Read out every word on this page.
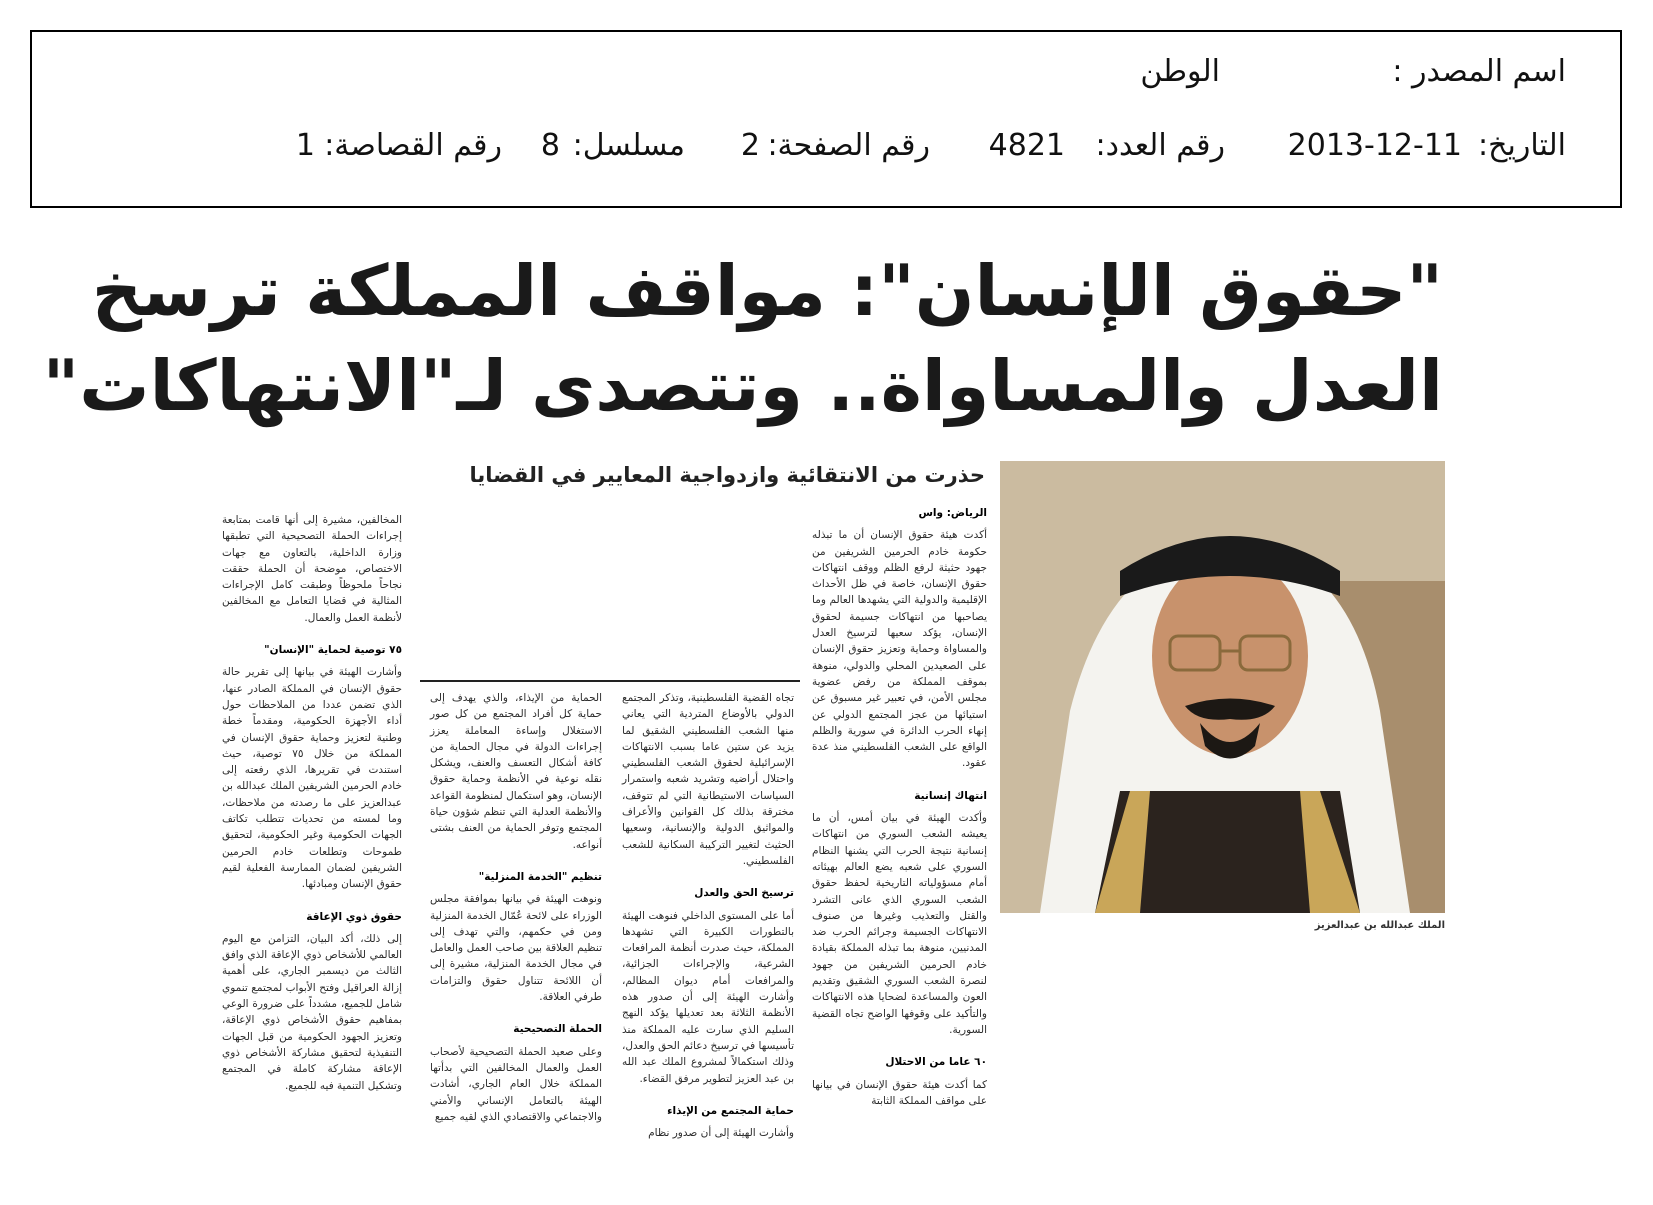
اسم المصدر :
الوطن
التاريخ:
2013-12-11
رقم العدد:
4821
رقم الصفحة:
2
مسلسل:
8
رقم القصاصة:
1
"حقوق الإنسان": مواقف المملكة ترسخ
العدل والمساواة.. وتتصدى لـ"الانتهاكات"
حذرت من الانتقائية وازدواجية المعايير في القضايا
الملك عبدالله بن عبدالعزيز

الرياض: واس

أكدت هيئة حقوق الإنسان أن ما تبذله حكومة خادم الحرمين الشريفين من جهود حثيثة لرفع الظلم ووقف انتهاكات حقوق الإنسان، خاصة في ظل الأحداث الإقليمية والدولية التي يشهدها العالم وما يصاحبها من انتهاكات جسيمة لحقوق الإنسان، يؤكد سعيها لترسيخ العدل والمساواة وحماية وتعزيز حقوق الإنسان على الصعيدين المحلي والدولي، منوهة بموقف المملكة من رفض عضوية مجلس الأمن، في تعبير غير مسبوق عن استيائها من عجز المجتمع الدولي عن إنهاء الحرب الدائرة في سورية والظلم الواقع على الشعب الفلسطيني منذ عدة عقود.

انتهاك إنسانية

وأكدت الهيئة في بيان أمس، أن ما يعيشه الشعب السوري من انتهاكات إنسانية نتيجة الحرب التي يشنها النظام السوري على شعبه يضع العالم بهيئاته أمام مسؤولياته التاريخية لحفظ حقوق الشعب السوري الذي عانى التشرد والقتل والتعذيب وغيرها من صنوف الانتهاكات الجسيمة وجرائم الحرب ضد المدنيين، منوهة بما تبذله المملكة بقيادة خادم الحرمين الشريفين من جهود لنصرة الشعب السوري الشقيق وتقديم العون والمساعدة لضحايا هذه الانتهاكات والتأكيد على وقوفها الواضح تجاه القضية السورية.

٦٠ عاما من الاحتلال

كما أكدت هيئة حقوق الإنسان في بيانها على مواقف المملكة الثابتة

تجاه القضية الفلسطينية، وتذكر المجتمع الدولي بالأوضاع المتردية التي يعاني منها الشعب الفلسطيني الشقيق لما يزيد عن ستين عاما بسبب الانتهاكات الإسرائيلية لحقوق الشعب الفلسطيني واحتلال أراضيه وتشريد شعبه واستمرار السياسات الاستيطانية التي لم تتوقف، مخترقة بذلك كل القوانين والأعراف والمواثيق الدولية والإنسانية، وسعيها الحثيث لتغيير التركيبة السكانية للشعب الفلسطيني.

ترسيخ الحق والعدل

أما على المستوى الداخلي فنوهت الهيئة بالتطورات الكبيرة التي تشهدها المملكة، حيث صدرت أنظمة المرافعات الشرعية، والإجراءات الجزائية، والمرافعات أمام ديوان المظالم، وأشارت الهيئة إلى أن صدور هذه الأنظمة الثلاثة بعد تعديلها يؤكد النهج السليم الذي سارت عليه المملكة منذ تأسيسها في ترسيخ دعائم الحق والعدل، وذلك استكمالاً لمشروع الملك عبد الله بن عبد العزيز لتطوير مرفق القضاء.

حماية المجتمع من الإيذاء

وأشارت الهيئة إلى أن صدور نظام

الحماية من الإيذاء، والذي يهدف إلى حماية كل أفراد المجتمع من كل صور الاستغلال وإساءة المعاملة يعزز إجراءات الدولة في مجال الحماية من كافة أشكال التعسف والعنف، ويشكل نقله نوعية في الأنظمة وحماية حقوق الإنسان، وهو استكمال لمنظومة القواعد والأنظمة العدلية التي تنظم شؤون حياة المجتمع وتوفر الحماية من العنف بشتى أنواعه.

تنظيم "الخدمة المنزلية"

ونوهت الهيئة في بيانها بموافقة مجلس الوزراء على لائحة عُمّال الخدمة المنزلية ومن في حكمهم، والتي تهدف إلى تنظيم العلاقة بين صاحب العمل والعامل في مجال الخدمة المنزلية، مشيرة إلى أن اللائحة تتناول حقوق والتزامات طرفي العلاقة.

الحملة التصحيحية

وعلى صعيد الحملة التصحيحية لأصحاب العمل والعمال المخالفين التي بدأتها المملكة خلال العام الجاري، أشادت الهيئة بالتعامل الإنساني والأمني والاجتماعي والاقتصادي الذي لقيه جميع

المخالفين، مشيرة إلى أنها قامت بمتابعة إجراءات الحملة التصحيحية التي تطبقها وزارة الداخلية، بالتعاون مع جهات الاختصاص، موضحة أن الحملة حققت نجاحاً ملحوظاً وطبقت كامل الإجراءات المثالية في قضايا التعامل مع المخالفين لأنظمة العمل والعمال.

٧٥ توصية لحماية "الإنسان"

وأشارت الهيئة في بيانها إلى تقرير حالة حقوق الإنسان في المملكة الصادر عنها، الذي تضمن عددا من الملاحظات حول أداء الأجهزة الحكومية، ومقدماً خطة وطنية لتعزيز وحماية حقوق الإنسان في المملكة من خلال ٧٥ توصية، حيث استندت في تقريرها، الذي رفعته إلى خادم الحرمين الشريفين الملك عبدالله بن عبدالعزيز على ما رصدته من ملاحظات، وما لمسته من تحديات تتطلب تكاتف الجهات الحكومية وغير الحكومية، لتحقيق طموحات وتطلعات خادم الحرمين الشريفين لضمان الممارسة الفعلية لقيم حقوق الإنسان ومبادئها.

حقوق ذوي الإعاقة

إلى ذلك، أكد البيان، التزامن مع اليوم العالمي للأشخاص ذوي الإعاقة الذي وافق الثالث من ديسمبر الجاري، على أهمية إزالة العراقيل وفتح الأبواب لمجتمع تنموي شامل للجميع، مشدداً على ضرورة الوعي بمفاهيم حقوق الأشخاص ذوي الإعاقة، وتعزيز الجهود الحكومية من قبل الجهات التنفيذية لتحقيق مشاركة الأشخاص ذوي الإعاقة مشاركة كاملة في المجتمع وتشكيل التنمية فيه للجميع.
